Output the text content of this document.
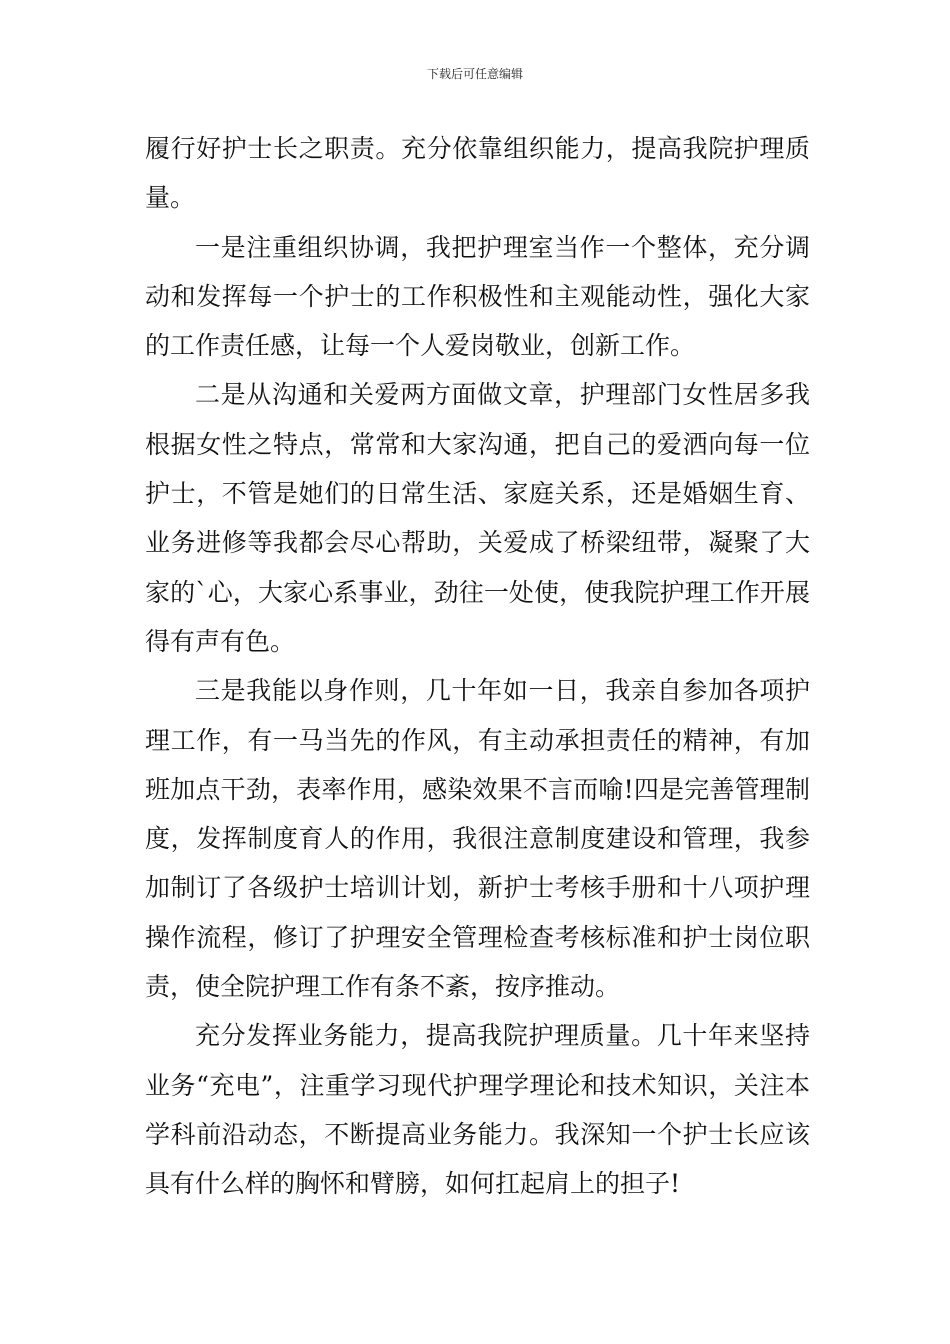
下载后可任意编辑

履行好护士长之职责。充分依靠组织能力，提高我院护理质量。

一是注重组织协调，我把护理室当作一个整体，充分调动和发挥每一个护士的工作积极性和主观能动性，强化大家的工作责任感，让每一个人爱岗敬业，创新工作。

二是从沟通和关爱两方面做文章，护理部门女性居多我根据女性之特点，常常和大家沟通，把自己的爱洒向每一位护士，不管是她们的日常生活、家庭关系，还是婚姻生育、业务进修等我都会尽心帮助，关爱成了桥梁纽带，凝聚了大家的`心，大家心系事业，劲往一处使，使我院护理工作开展得有声有色。

三是我能以身作则，几十年如一日，我亲自参加各项护理工作，有一马当先的作风，有主动承担责任的精神，有加班加点干劲，表率作用，感染效果不言而喻!四是完善管理制度，发挥制度育人的作用，我很注意制度建设和管理，我参加制订了各级护士培训计划，新护士考核手册和十八项护理操作流程，修订了护理安全管理检查考核标准和护士岗位职责，使全院护理工作有条不紊，按序推动。

充分发挥业务能力，提高我院护理质量。几十年来坚持业务“充电”，注重学习现代护理学理论和技术知识，关注本学科前沿动态，不断提高业务能力。我深知一个护士长应该具有什么样的胸怀和臂膀，如何扛起肩上的担子!
